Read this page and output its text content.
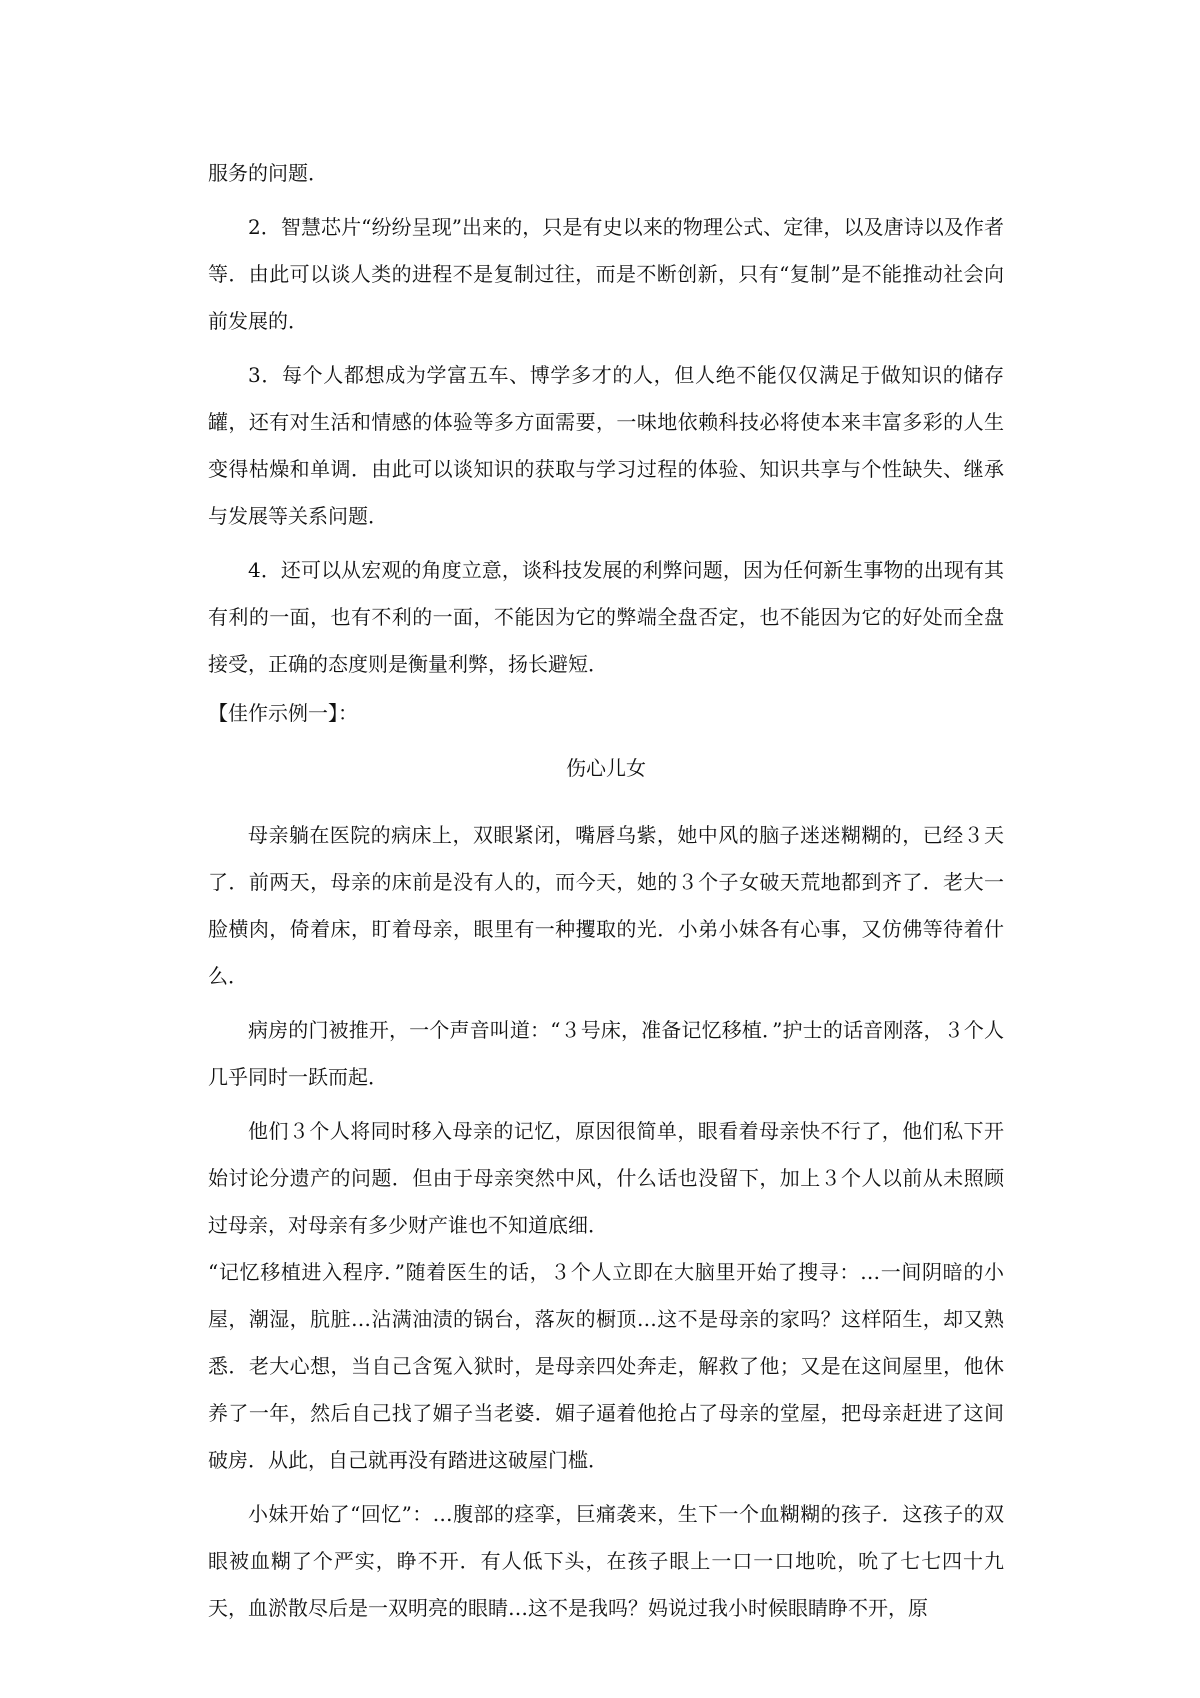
服务的问题．

2．智慧芯片“纷纷呈现”出来的，只是有史以来的物理公式、定律，以及唐诗以及作者等．由此可以谈人类的进程不是复制过往，而是不断创新，只有“复制”是不能推动社会向前发展的．

3．每个人都想成为学富五车、博学多才的人，但人绝不能仅仅满足于做知识的储存罐，还有对生活和情感的体验等多方面需要，一味地依赖科技必将使本来丰富多彩的人生变得枯燥和单调．由此可以谈知识的获取与学习过程的体验、知识共享与个性缺失、继承与发展等关系问题．

4．还可以从宏观的角度立意，谈科技发展的利弊问题，因为任何新生事物的出现有其有利的一面，也有不利的一面，不能因为它的弊端全盘否定，也不能因为它的好处而全盘接受，正确的态度则是衡量利弊，扬长避短．

【佳作示例一】：

伤心儿女

母亲躺在医院的病床上，双眼紧闭，嘴唇乌紫，她中风的脑子迷迷糊糊的，已经３天了．前两天，母亲的床前是没有人的，而今天，她的３个子女破天荒地都到齐了．老大一脸横肉，倚着床，盯着母亲，眼里有一种攫取的光．小弟小妹各有心事，又仿佛等待着什么．

病房的门被推开，一个声音叫道：“３号床，准备记忆移植．”护士的话音刚落，３个人几乎同时一跃而起．

他们３个人将同时移入母亲的记忆，原因很简单，眼看着母亲快不行了，他们私下开始讨论分遗产的问题．但由于母亲突然中风，什么话也没留下，加上３个人以前从未照顾过母亲，对母亲有多少财产谁也不知道底细．

“记忆移植进入程序．”随着医生的话，３个人立即在大脑里开始了搜寻：…一间阴暗的小屋，潮湿，肮脏…沾满油渍的锅台，落灰的橱顶…这不是母亲的家吗？这样陌生，却又熟悉．老大心想，当自己含冤入狱时，是母亲四处奔走，解救了他；又是在这间屋里，他休养了一年，然后自己找了媚子当老婆．媚子逼着他抢占了母亲的堂屋，把母亲赶进了这间破房．从此，自己就再没有踏进这破屋门槛．

小妹开始了“回忆”：…腹部的痉挛，巨痛袭来，生下一个血糊糊的孩子．这孩子的双眼被血糊了个严实，睁不开．有人低下头，在孩子眼上一口一口地吮，吮了七七四十九天，血淤散尽后是一双明亮的眼睛…这不是我吗？妈说过我小时候眼睛睁不开，原
